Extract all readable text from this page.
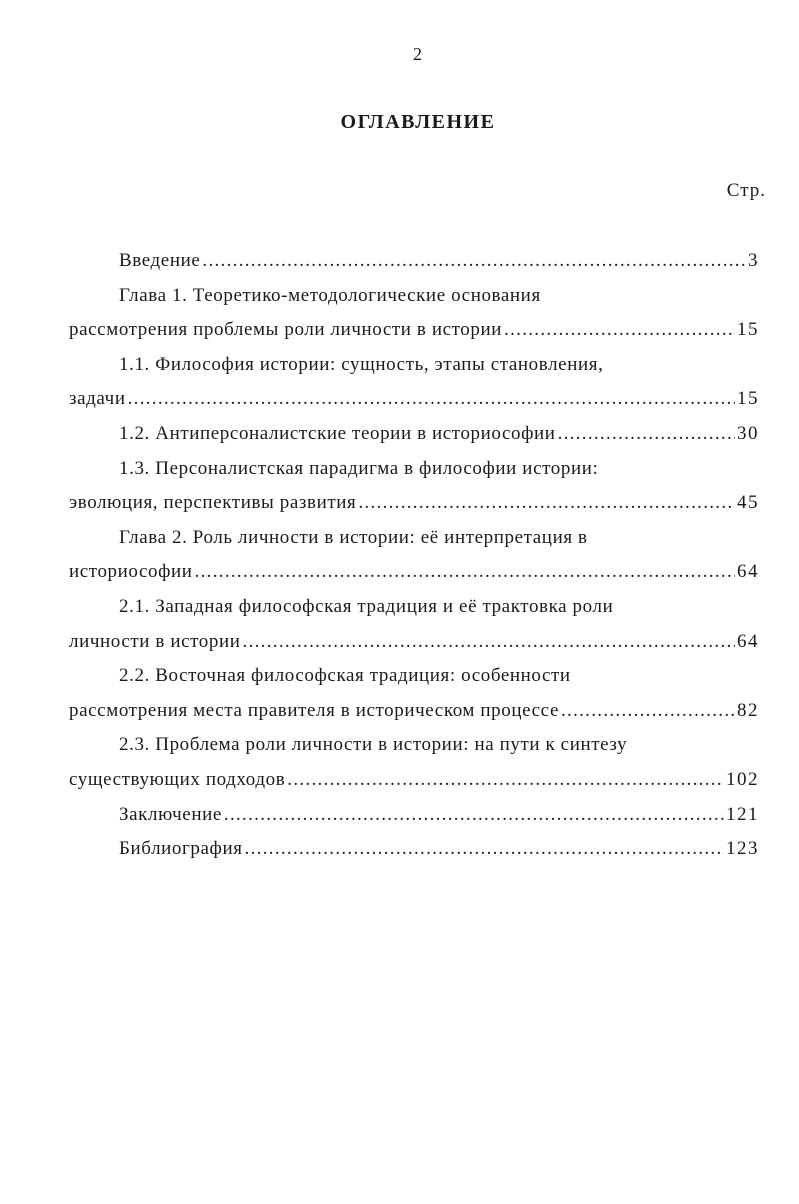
2
ОГЛАВЛЕНИЕ
Стр.
Введение .....	3
Глава 1. Теоретико-методологические основания
рассмотрения проблемы роли личности в истории .....	15
1.1. Философия истории: сущность, этапы становления,
задачи .....	15
1.2. Антиперсоналистские теории в историософии .....	30
1.3. Персоналистская парадигма в философии истории:
эволюция, перспективы развития .....	45
Глава 2. Роль личности в истории: её интерпретация в
историософии .....	64
2.1. Западная философская традиция и её трактовка роли
личности в истории .....	64
2.2. Восточная философская традиция: особенности
рассмотрения места правителя в историческом процессе .....	82
2.3. Проблема роли личности в истории: на пути к синтезу
существующих подходов .....	102
Заключение .....	121
Библиография .....	123
